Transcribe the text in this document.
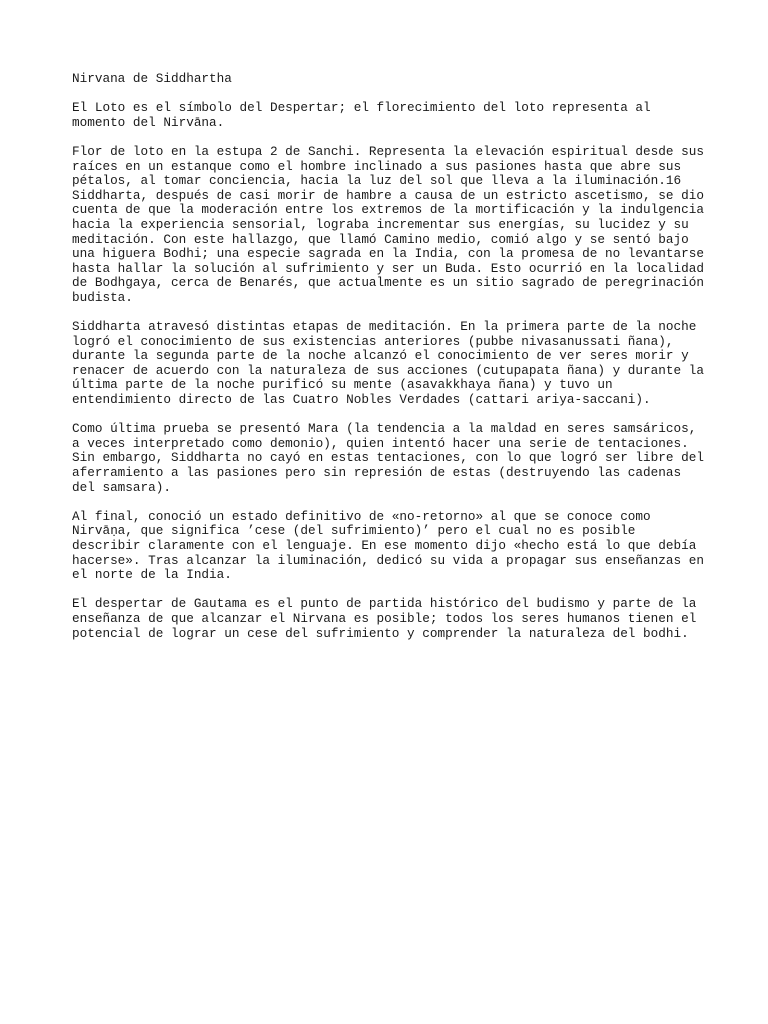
Nirvana de Siddhartha
El Loto es el símbolo del Despertar; el florecimiento del loto representa al
momento del Nirvāna.
Flor de loto en la estupa 2 de Sanchi. Representa la elevación espiritual desde sus
raíces en un estanque como el hombre inclinado a sus pasiones hasta que abre sus
pétalos, al tomar conciencia, hacia la luz del sol que lleva a la iluminación.16
Siddharta, después de casi morir de hambre a causa de un estricto ascetismo, se dio
cuenta de que la moderación entre los extremos de la mortificación y la indulgencia
hacia la experiencia sensorial, lograba incrementar sus energías, su lucidez y su
meditación. Con este hallazgo, que llamó Camino medio, comió algo y se sentó bajo
una higuera Bodhi; una especie sagrada en la India, con la promesa de no levantarse
hasta hallar la solución al sufrimiento y ser un Buda. Esto ocurrió en la localidad
de Bodhgaya, cerca de Benarés, que actualmente es un sitio sagrado de peregrinación
budista.
Siddharta atravesó distintas etapas de meditación. En la primera parte de la noche
logró el conocimiento de sus existencias anteriores (pubbe nivasanussati ñana),
durante la segunda parte de la noche alcanzó el conocimiento de ver seres morir y
renacer de acuerdo con la naturaleza de sus acciones (cutupapata ñana) y durante la
última parte de la noche purificó su mente (asavakkhaya ñana) y tuvo un
entendimiento directo de las Cuatro Nobles Verdades (cattari ariya-saccani).
Como última prueba se presentó Mara (la tendencia a la maldad en seres samsáricos,
a veces interpretado como demonio), quien intentó hacer una serie de tentaciones.
Sin embargo, Siddharta no cayó en estas tentaciones, con lo que logró ser libre del
aferramiento a las pasiones pero sin represión de estas (destruyendo las cadenas
del samsara).
Al final, conoció un estado definitivo de «no-retorno» al que se conoce como
Nirvāṇa, que significa ’cese (del sufrimiento)’ pero el cual no es posible
describir claramente con el lenguaje. En ese momento dijo «hecho está lo que debía
hacerse». Tras alcanzar la iluminación, dedicó su vida a propagar sus enseñanzas en
el norte de la India.
El despertar de Gautama es el punto de partida histórico del budismo y parte de la
enseñanza de que alcanzar el Nirvana es posible; todos los seres humanos tienen el
potencial de lograr un cese del sufrimiento y comprender la naturaleza del bodhi.
